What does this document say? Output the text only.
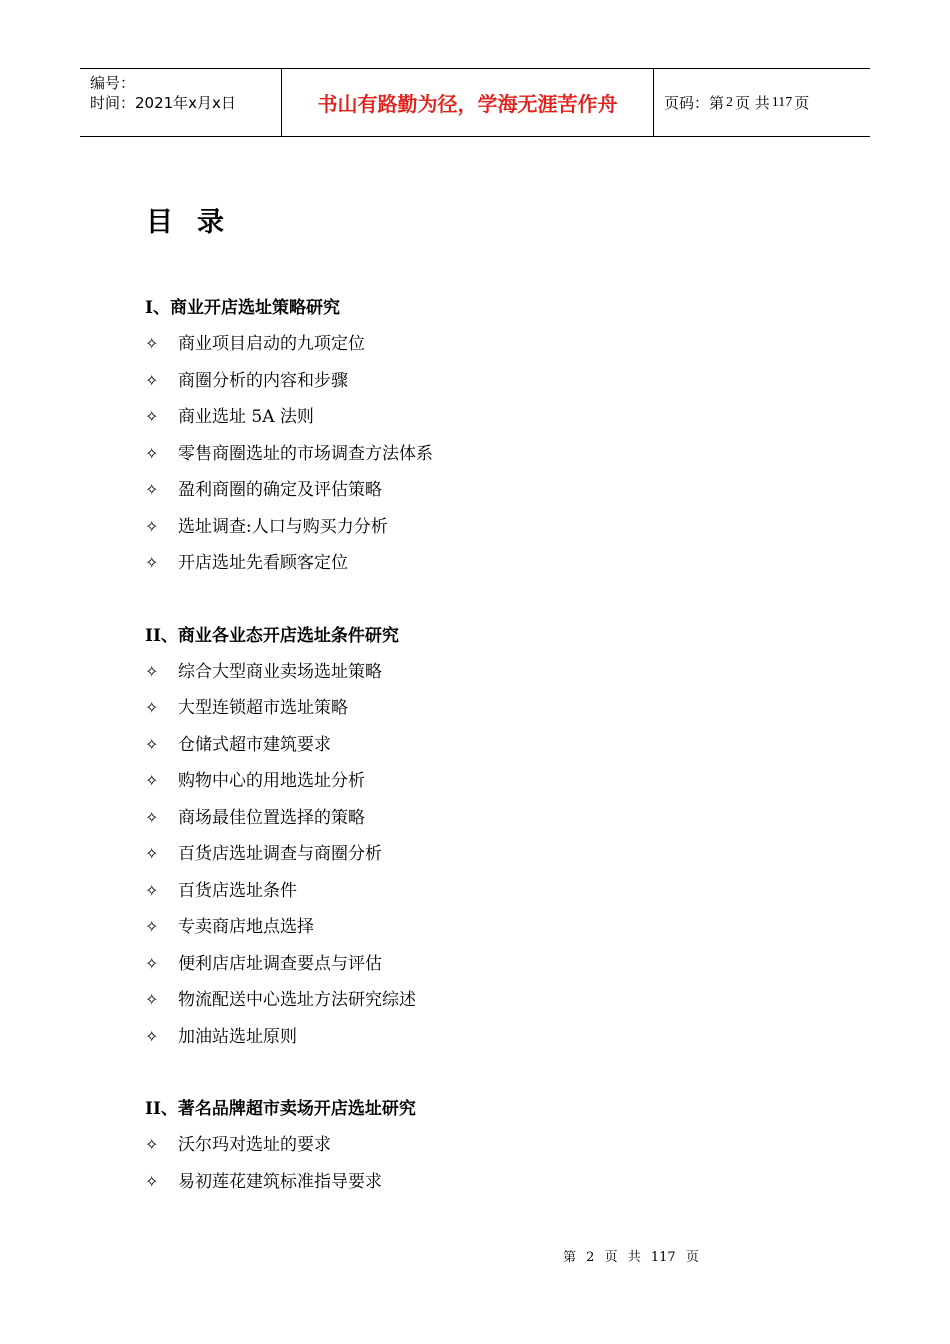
编号：
时间：2021年x月x日	书山有路勤为径，学海无涯苦作舟	页码：第 2 页 共 117 页
目录
I、商业开店选址策略研究
✧	商业项目启动的九项定位
✧	商圈分析的内容和步骤
✧	商业选址 5A 法则
✧	零售商圈选址的市场调查方法体系
✧	盈利商圈的确定及评估策略
✧	选址调查:人口与购买力分析
✧	开店选址先看顾客定位
II、商业各业态开店选址条件研究
✧	综合大型商业卖场选址策略
✧	大型连锁超市选址策略
✧	仓储式超市建筑要求
✧	购物中心的用地选址分析
✧	商场最佳位置选择的策略
✧	百货店选址调查与商圈分析
✧	百货店选址条件
✧	专卖商店地点选择
✧	便利店店址调查要点与评估
✧	物流配送中心选址方法研究综述
✧	加油站选址原则
II、著名品牌超市卖场开店选址研究
✧	沃尔玛对选址的要求
✧	易初莲花建筑标准指导要求
第 2 页 共 117 页
